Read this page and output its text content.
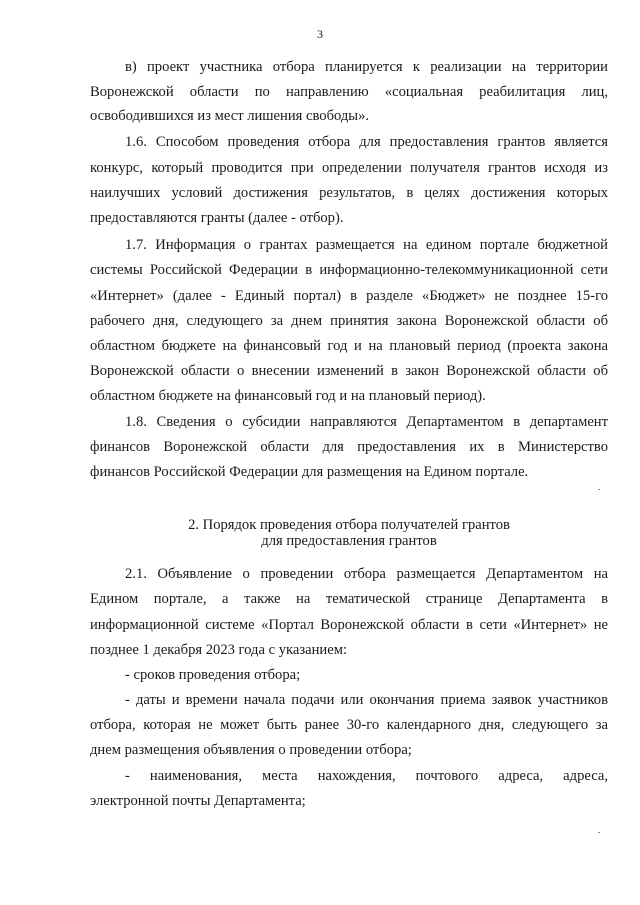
3
в) проект участника отбора планируется к реализации на территории
Воронежской области по направлению «социальная реабилитация лиц,
освободившихся из мест лишения свободы».
1.6. Способом проведения отбора для предоставления грантов является
конкурс, который проводится при определении получателя грантов исходя из
наилучших условий достижения результатов, в целях достижения которых
предоставляются гранты (далее - отбор).
1.7. Информация о грантах размещается на едином портале бюджетной
системы Российской Федерации в информационно-телекоммуникационной сети
«Интернет» (далее - Единый портал) в разделе «Бюджет» не позднее 15-го
рабочего дня, следующего за днем принятия закона Воронежской области об
областном бюджете на финансовый год и на плановый период (проекта закона
Воронежской области о внесении изменений в закон Воронежской области об
областном бюджете на финансовый год и на плановый период).
1.8. Сведения о субсидии направляются Департаментом в департамент
финансов Воронежской области для предоставления их в Министерство
финансов Российской Федерации для размещения на Едином портале.
2. Порядок проведения отбора получателей грантов
для предоставления грантов
2.1. Объявление о проведении отбора размещается Департаментом на
Едином портале, а также на тематической странице Департамента в
информационной системе «Портал Воронежской области в сети «Интернет» не
позднее 1 декабря 2023 года с указанием:
- сроков проведения отбора;
- даты и времени начала подачи или окончания приема заявок участников
отбора, которая не может быть ранее 30-го календарного дня, следующего за
днем размещения объявления о проведении отбора;
- наименования, места нахождения, почтового адреса, адреса,
электронной почты Департамента;
